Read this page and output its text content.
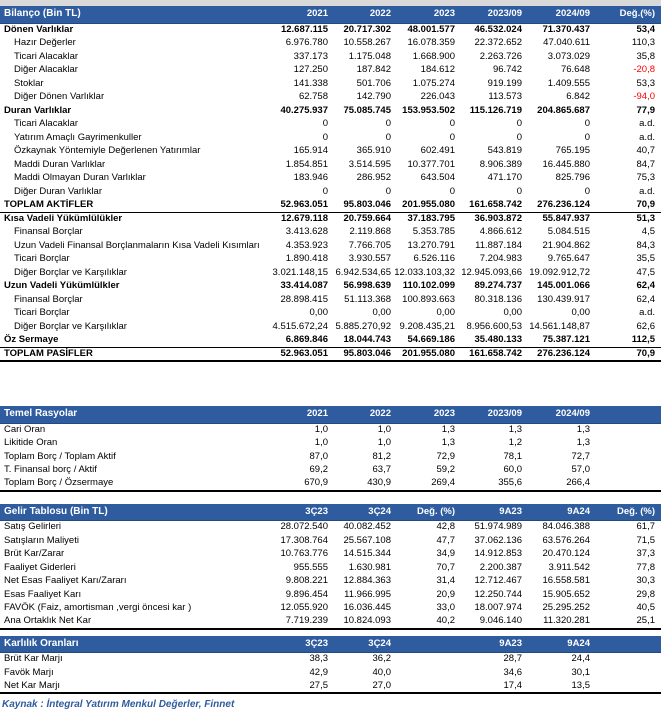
Bilanço (Bin TL)	2021	2022	2023	2023/09	2024/09	Değ.(%)
Dönen Varlıklar	12.687.115	20.717.302	48.001.577	46.532.024	71.370.437	53,4
Hazır Değerler	6.976.780	10.558.267	16.078.359	22.372.652	47.040.611	110,3
Ticari Alacaklar	337.173	1.175.048	1.668.900	2.263.726	3.073.029	35,8
Diğer Alacaklar	127.250	187.842	184.612	96.742	76.648	-20,8
Stoklar	141.338	501.706	1.075.274	919.199	1.409.555	53,3
Diğer Dönen Varlıklar	62.758	142.790	226.043	113.573	6.842	-94,0
Duran Varlıklar	40.275.937	75.085.745	153.953.502	115.126.719	204.865.687	77,9
Ticari Alacaklar	0	0	0	0	0	a.d.
Yatırım Amaçlı Gayrimenkuller	0	0	0	0	0	a.d.
Özkaynak Yöntemiyle Değerlenen Yatırımlar	165.914	365.910	602.491	543.819	765.195	40,7
Maddi Duran Varlıklar	1.854.851	3.514.595	10.377.701	8.906.389	16.445.880	84,7
Maddi Olmayan Duran Varlıklar	183.946	286.952	643.504	471.170	825.796	75,3
Diğer Duran Varlıklar	0	0	0	0	0	a.d.
TOPLAM AKTİFLER	52.963.051	95.803.046	201.955.080	161.658.742	276.236.124	70,9
Kısa Vadeli Yükümlülükler	12.679.118	20.759.664	37.183.795	36.903.872	55.847.937	51,3
Finansal Borçlar	3.413.628	2.119.868	5.353.785	4.866.612	5.084.515	4,5
Uzun Vadeli Finansal Borçlanmaların Kısa Vadeli Kısımları	4.353.923	7.766.705	13.270.791	11.887.184	21.904.862	84,3
Ticari Borçlar	1.890.418	3.930.557	6.526.116	7.204.983	9.765.647	35,5
Diğer Borçlar ve Karşılıklar	3.021.148,15	6.942.534,65	12.033.103,32	12.945.093,66	19.092.912,72	47,5
Uzun Vadeli Yükümlülkler	33.414.087	56.998.639	110.102.099	89.274.737	145.001.066	62,4
Finansal Borçlar	28.898.415	51.113.368	100.893.663	80.318.136	130.439.917	62,4
Ticari Borçlar	0,00	0,00	0,00	0,00	0,00	a.d.
Diğer Borçlar ve Karşılıklar	4.515.672,24	5.885.270,92	9.208.435,21	8.956.600,53	14.561.148,87	62,6
Öz Sermaye	6.869.846	18.044.743	54.669.186	35.480.133	75.387.121	112,5
TOPLAM PASİFLER	52.963.051	95.803.046	201.955.080	161.658.742	276.236.124	70,9
Temel Rasyolar	2021	2022	2023	2023/09	2024/09	
Cari Oran	1,0	1,0	1,3	1,3	1,3	
Likitide Oran	1,0	1,0	1,3	1,2	1,3	
Toplam Borç / Toplam Aktif	87,0	81,2	72,9	78,1	72,7	
T. Finansal borç / Aktif	69,2	63,7	59,2	60,0	57,0	
Toplam Borç / Özsermaye	670,9	430,9	269,4	355,6	266,4	
Gelir Tablosu (Bin TL)	3Ç23	3Ç24	Değ. (%)	9A23	9A24	Değ. (%)
Satış Gelirleri	28.072.540	40.082.452	42,8	51.974.989	84.046.388	61,7
Satışların Maliyeti	17.308.764	25.567.108	47,7	37.062.136	63.576.264	71,5
Brüt Kar/Zarar	10.763.776	14.515.344	34,9	14.912.853	20.470.124	37,3
Faaliyet Giderleri	955.555	1.630.981	70,7	2.200.387	3.911.542	77,8
Net Esas Faaliyet Karı/Zararı	9.808.221	12.884.363	31,4	12.712.467	16.558.581	30,3
Esas Faaliyet Karı	9.896.454	11.966.995	20,9	12.250.744	15.905.652	29,8
FAVÖK (Faiz, amortisman ,vergi öncesi kar )	12.055.920	16.036.445	33,0	18.007.974	25.295.252	40,5
Ana Ortaklık Net Kar	7.719.239	10.824.093	40,2	9.046.140	11.320.281	25,1
Karlılık Oranları	3Ç23	3Ç24		9A23	9A24	
Brüt Kar Marjı	38,3	36,2		28,7	24,4	
Favök Marjı	42,9	40,0		34,6	30,1	
Net Kar Marjı	27,5	27,0		17,4	13,5	
Kaynak : İntegral Yatırım Menkul Değerler, Finnet
